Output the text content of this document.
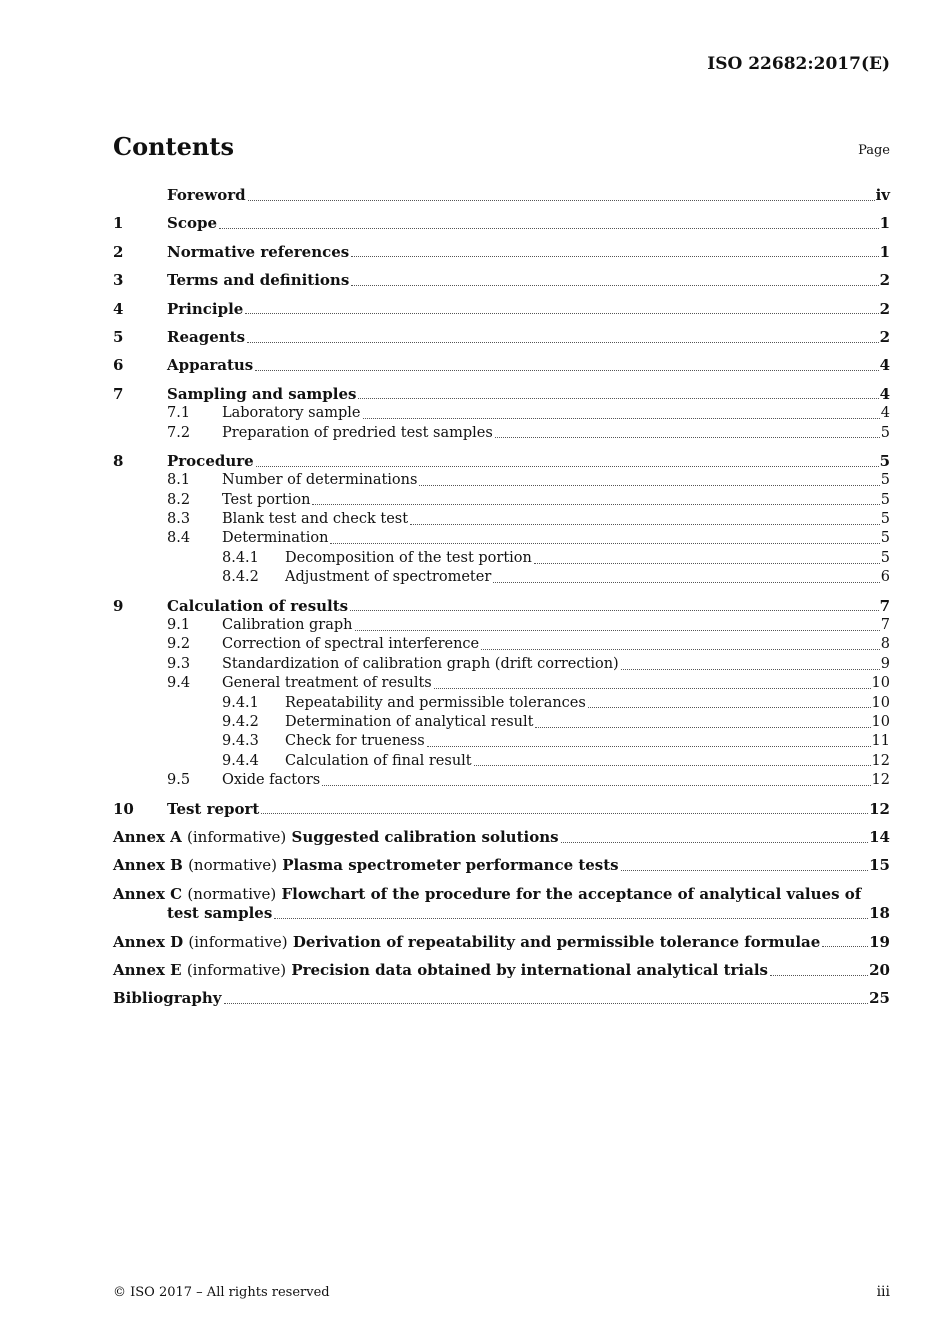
ISO 22682:2017(E)
Contents	Page
Foreword	iv
1	Scope	1
2	Normative references	1
3	Terms and definitions	2
4	Principle	2
5	Reagents	2
6	Apparatus	4
7	Sampling and samples	4
7.1	Laboratory sample	4
7.2	Preparation of predried test samples	5
8	Procedure	5
8.1	Number of determinations	5
8.2	Test portion	5
8.3	Blank test and check test	5
8.4	Determination	5
8.4.1	Decomposition of the test portion	5
8.4.2	Adjustment of spectrometer	6
9	Calculation of results	7
9.1	Calibration graph	7
9.2	Correction of spectral interference	8
9.3	Standardization of calibration graph (drift correction)	9
9.4	General treatment of results	10
9.4.1	Repeatability and permissible tolerances	10
9.4.2	Determination of analytical result	10
9.4.3	Check for trueness	11
9.4.4	Calculation of final result	12
9.5	Oxide factors	12
10	Test report	12
Annex A (informative) Suggested calibration solutions	14
Annex B (normative) Plasma spectrometer performance tests	15
Annex C (normative) Flowchart of the procedure for the acceptance of analytical values of
test samples	18
Annex D (informative) Derivation of repeatability and permissible tolerance formulae	19
Annex E (informative) Precision data obtained by international analytical trials	20
Bibliography	25
© ISO 2017 – All rights reserved	iii
